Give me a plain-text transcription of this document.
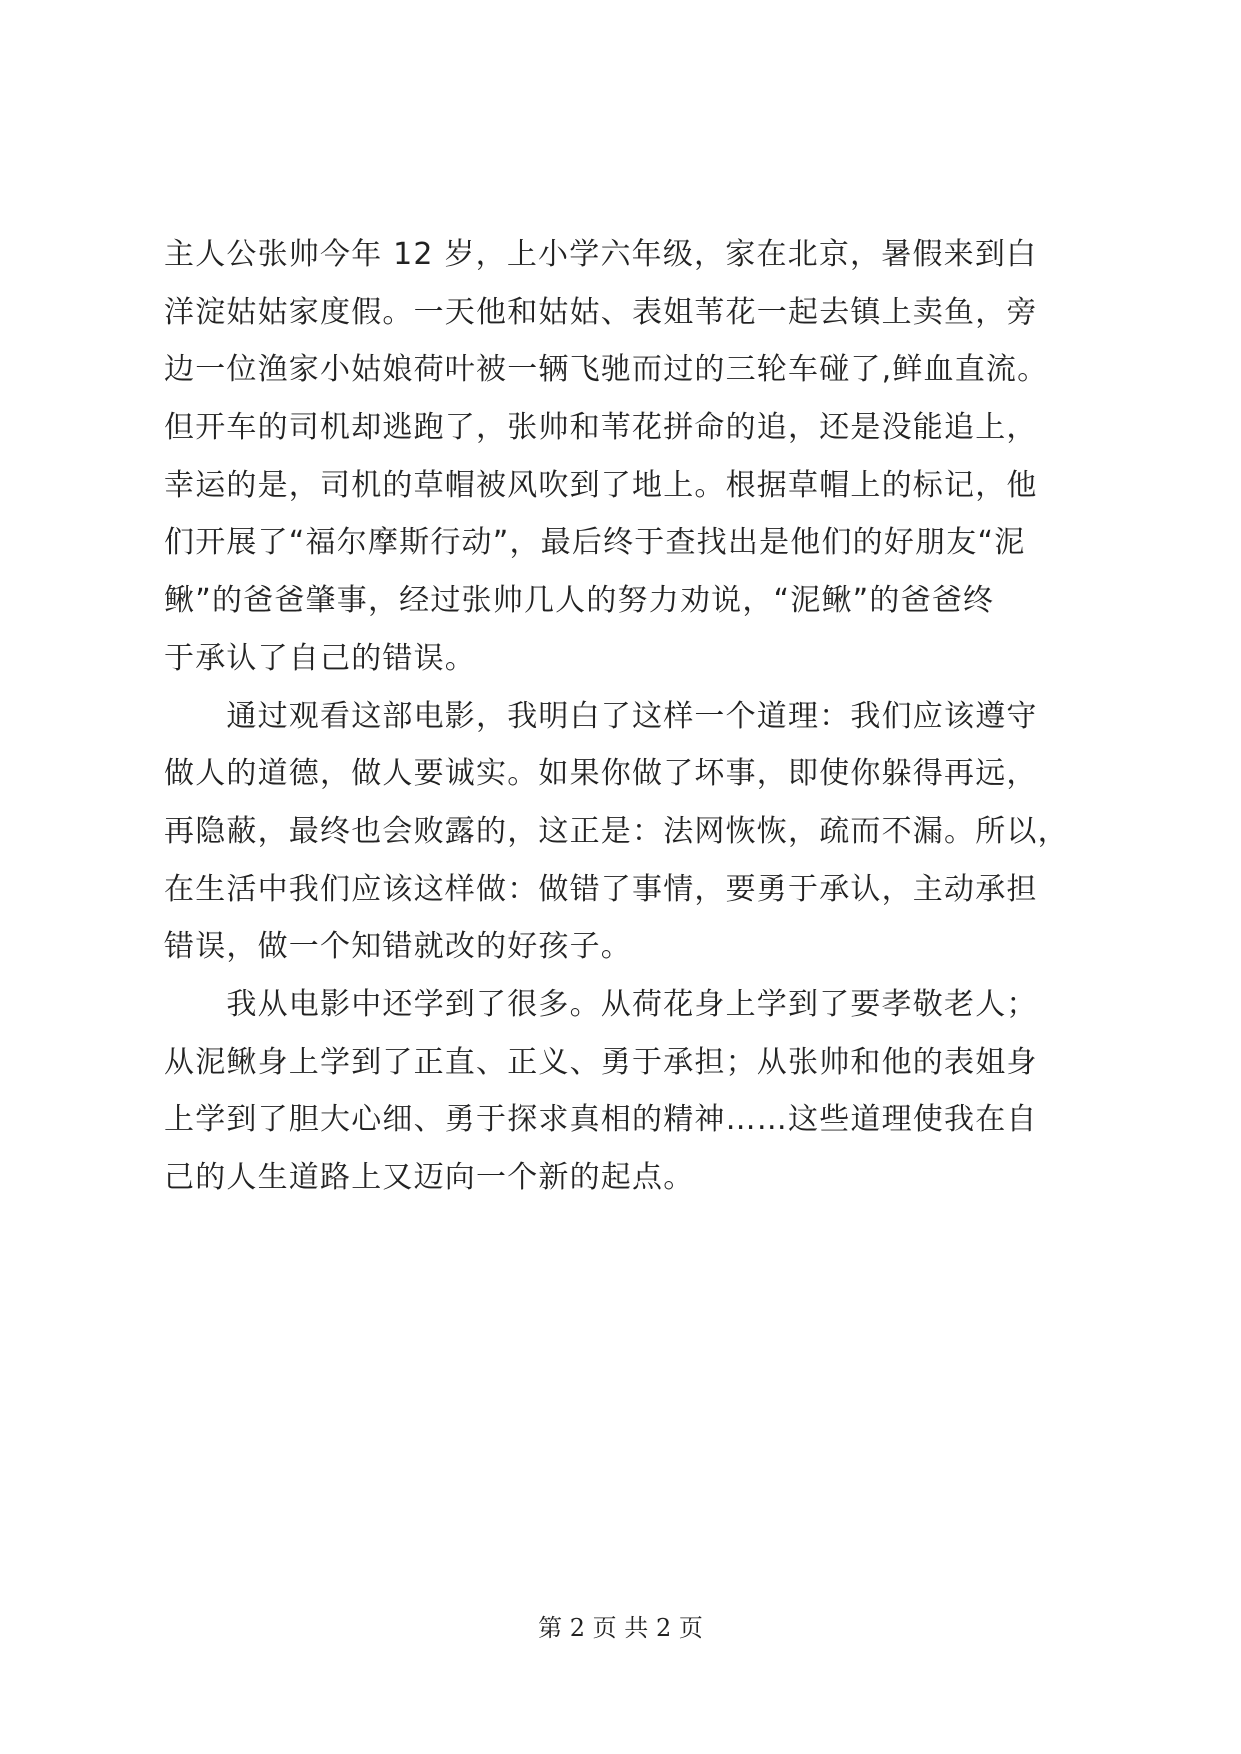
主人公张帅今年 12 岁，上小学六年级，家在北京，暑假来到白
洋淀姑姑家度假。一天他和姑姑、表姐苇花一起去镇上卖鱼，旁
边一位渔家小姑娘荷叶被一辆飞驰而过的三轮车碰了,鲜血直流。
但开车的司机却逃跑了，张帅和苇花拼命的追，还是没能追上，
幸运的是，司机的草帽被风吹到了地上。根据草帽上的标记，他
们开展了“福尔摩斯行动”，最后终于查找出是他们的好朋友“泥
鳅”的爸爸肇事，经过张帅几人的努力劝说，“泥鳅”的爸爸终
于承认了自己的错误。
　　通过观看这部电影，我明白了这样一个道理：我们应该遵守
做人的道德，做人要诚实。如果你做了坏事，即使你躲得再远，
再隐蔽，最终也会败露的，这正是：法网恢恢，疏而不漏。所以，
在生活中我们应该这样做：做错了事情，要勇于承认，主动承担
错误，做一个知错就改的好孩子。
　　我从电影中还学到了很多。从荷花身上学到了要孝敬老人；
从泥鳅身上学到了正直、正义、勇于承担；从张帅和他的表姐身
上学到了胆大心细、勇于探求真相的精神……这些道理使我在自
己的人生道路上又迈向一个新的起点。
第 2 页 共 2 页
